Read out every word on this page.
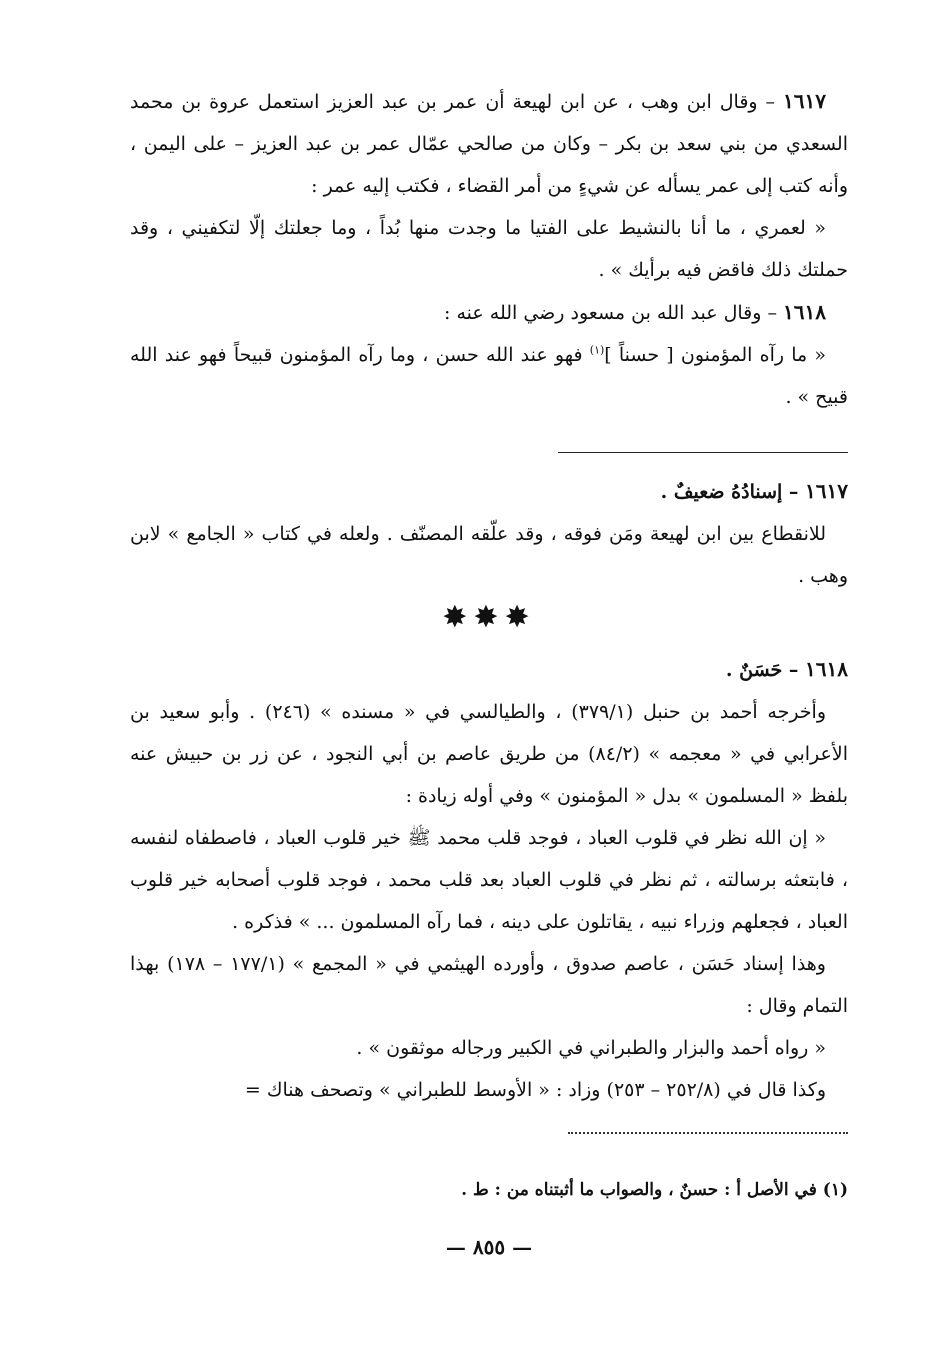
١٦١٧ – وقال ابن وهب ، عن ابن لهيعة أن عمر بن عبد العزيز استعمل عروة بن محمد السعدي من بني سعد بن بكر – وكان من صالحي عمّال عمر بن عبد العزيز – على اليمن ، وأنه كتب إلى عمر يسأله عن شيءٍ من أمر القضاء ، فكتب إليه عمر :

« لعمري ، ما أنا بالنشيط على الفتيا ما وجدت منها بُداً ، وما جعلتك إلّا لتكفيني ، وقد حملتك ذلك فاقض فيه برأيك » .

١٦١٨ – وقال عبد الله بن مسعود رضي الله عنه :

« ما رآه المؤمنون [ حسناً ]$^{(١)}$ فهو عند الله حسن ، وما رآه المؤمنون قبيحاً فهو عند الله قبيح » .

١٦١٧ – إسنادُهُ ضعيفٌ .

للانقطاع بين ابن لهيعة ومَن فوقه ، وقد علّقه المصنّف . ولعله في كتاب « الجامع » لابن وهب .

✸✸✸

١٦١٨ – حَسَنٌ .

وأخرجه أحمد بن حنبل (٣٧٩/١) ، والطيالسي في « مسنده » (٢٤٦) . وأبو سعيد بن الأعرابي في « معجمه » (٨٤/٢) من طريق عاصم بن أبي النجود ، عن زر بن حبيش عنه بلفظ « المسلمون » بدل « المؤمنون » وفي أوله زيادة :

« إن الله نظر في قلوب العباد ، فوجد قلب محمد ﷺ خير قلوب العباد ، فاصطفاه لنفسه ، فابتعثه برسالته ، ثم نظر في قلوب العباد بعد قلب محمد ، فوجد قلوب أصحابه خير قلوب العباد ، فجعلهم وزراء نبيه ، يقاتلون على دينه ، فما رآه المسلمون ... » فذكره .

وهذا إسناد حَسَن ، عاصم صدوق ، وأورده الهيثمي في « المجمع » (١٧٧/١ – ١٧٨) بهذا التمام وقال :

« رواه أحمد والبزار والطبراني في الكبير ورجاله موثقون » .

وكذا قال في (٢٥٢/٨ – ٢٥٣) وزاد : « الأوسط للطبراني » وتصحف هناك =

(١) في الأصل أ : حسنٌ ، والصواب ما أثبتناه من : ط .

— ٨٥٥ —
